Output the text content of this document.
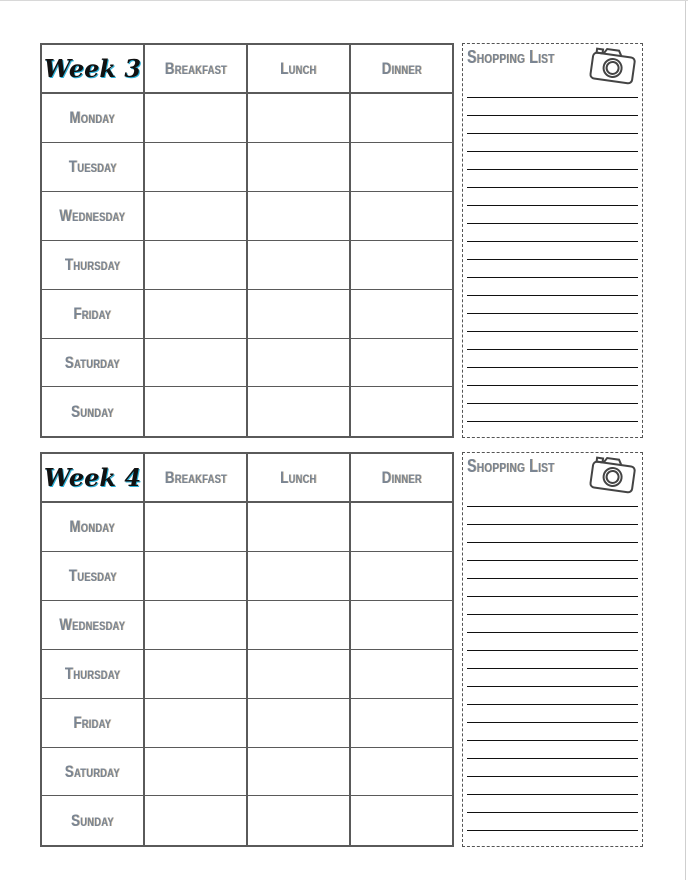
Week 3	Breakfast	Lunch	Dinner
Monday			
Tuesday			
Wednesday			
Thursday			
Friday			
Saturday			
Sunday			
Shopping List
Week 4	Breakfast	Lunch	Dinner
Monday			
Tuesday			
Wednesday			
Thursday			
Friday			
Saturday			
Sunday			
Shopping List
